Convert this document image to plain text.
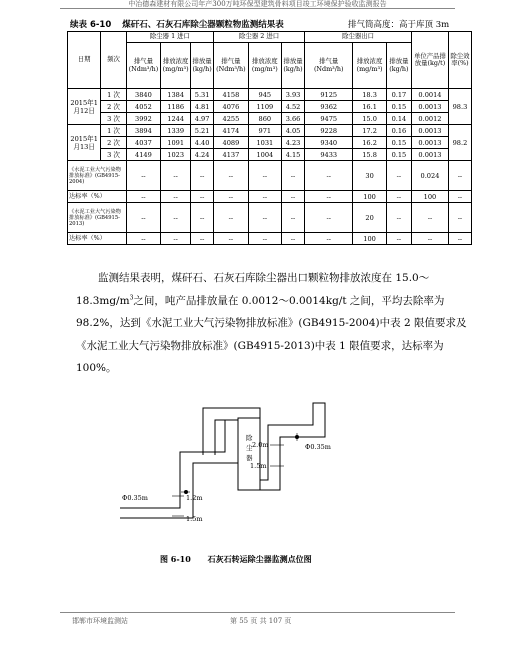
中冶德森建材有限公司年产300万吨环保型建筑骨料项目竣工环境保护验收监测报告
续表 6-10 煤矸石、石灰石库除尘器颗粒物监测结果表	排气筒高度：高于库顶 3m
日期	频次	除尘器 1 进口			除尘器 2 进口			除尘器出口			单位产品排放量(kg/t)	除尘效率(%)
		排气量(Ndm³/h)	排放浓度(mg/m³)	排放量(kg/h)	排气量(Ndm³/h)	排放浓度(mg/m³)	排放量(kg/h)	排气量(Ndm³/h)	排放浓度(mg/m³)	排放量(kg/h)		
2015年1月12日	1 次	3840	1384	5.31	4158	945	3.93	9125	18.3	0.17	0.0014	98.3
	2 次	4052	1186	4.81	4076	1109	4.52	9362	16.1	0.15	0.0013	
	3 次	3992	1244	4.97	4255	860	3.66	9475	15.0	0.14	0.0012	
2015年1月13日	1 次	3894	1339	5.21	4174	971	4.05	9228	17.2	0.16	0.0013	98.2
	2 次	4037	1091	4.40	4089	1031	4.23	9340	16.2	0.15	0.0013	
	3 次	4149	1023	4.24	4137	1004	4.15	9433	15.8	0.15	0.0013	
《水泥工业大气污染物排放标准》(GB4915-2004)		--	--	--	--	--	--	--	30	--	0.024	--
达标率（%）		--	--	--	--	--	--	--	100	--	100	--
《水泥工业大气污染物排放标准》(GB4915-2013)		--	--	--	--	--	--	--	20	--	--	--
达标率（%）		--	--	--	--	--	--	--	100	--	--	--

监测结果表明，煤矸石、石灰石库除尘器出口颗粒物排放浓度在 $15.0\sim 18.3mg/m^3$之间，吨产品排放量在 0.0012～0.0014kg/t 之间，平均去除率为 98.2%，达到《水泥工业大气污染物排放标准》(GB4915-2004)中表 2 限值要求及《水泥工业大气污染物排放标准》(GB4915-2013)中表 1 限值要求，达标率为 100%。

除
尘
器
2.0m
1.5m
Φ0.35m
Φ0.35m	1.2m
1.5m
图 6-10 石灰石转运除尘器监测点位图
邯郸市环境监测站	第 55 页 共 107 页
